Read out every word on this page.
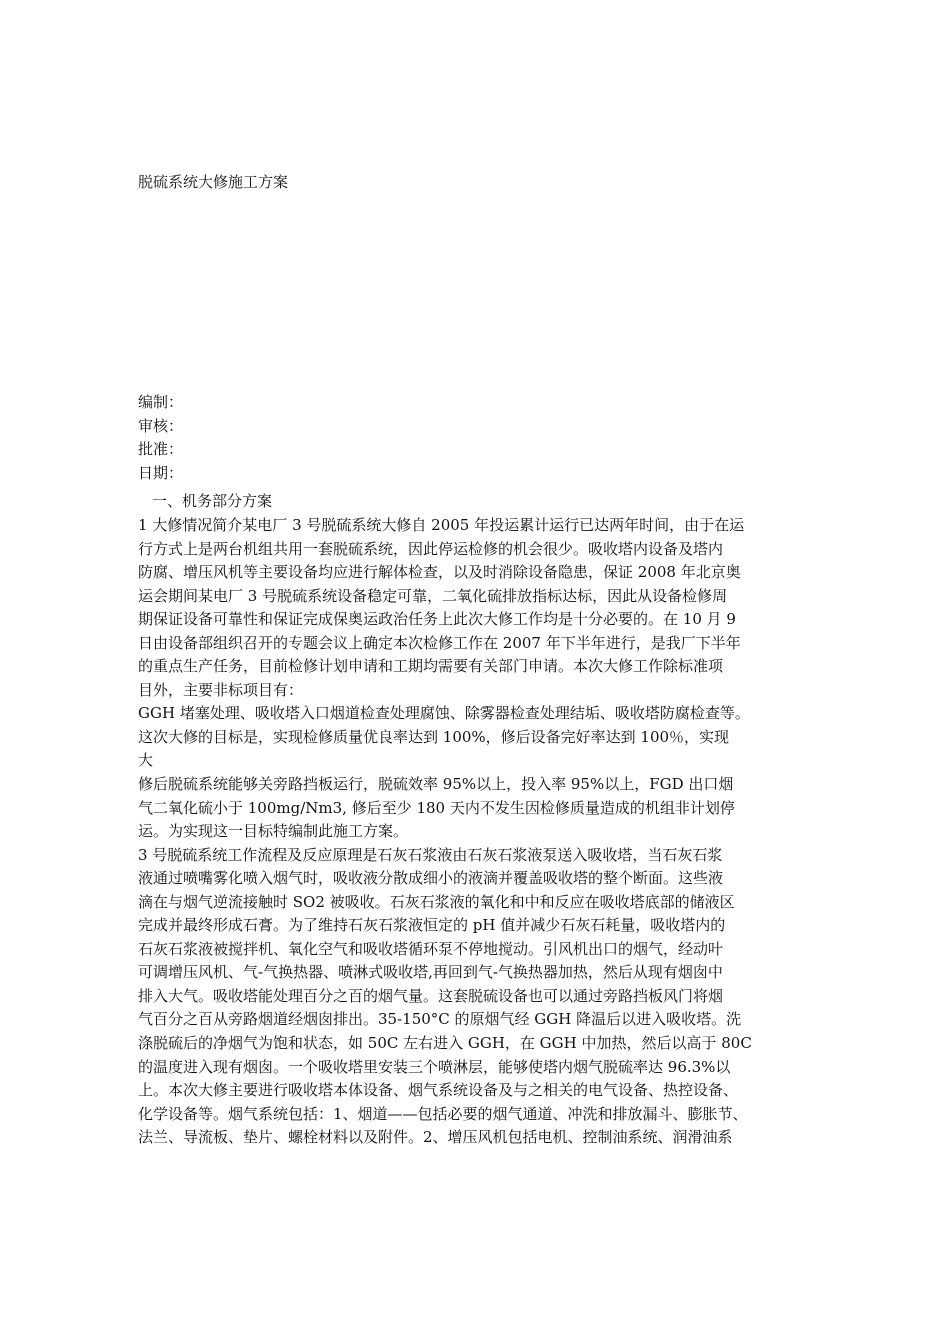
脱硫系统大修施工方案
编制：
审核：
批准：
日期：
一、机务部分方案
1 大修情况简介某电厂 3 号脱硫系统大修自 2005 年投运累计运行已达两年时间，由于在运
行方式上是两台机组共用一套脱硫系统，因此停运检修的机会很少。吸收塔内设备及塔内
防腐、增压风机等主要设备均应进行解体检查，以及时消除设备隐患，保证 2008 年北京奥
运会期间某电厂 3 号脱硫系统设备稳定可靠，二氧化硫排放指标达标，因此从设备检修周
期保证设备可靠性和保证完成保奥运政治任务上此次大修工作均是十分必要的。在 10 月 9
日由设备部组织召开的专题会议上确定本次检修工作在 2007 年下半年进行，是我厂下半年
的重点生产任务，目前检修计划申请和工期均需要有关部门申请。本次大修工作除标准项
目外，主要非标项目有：
GGH 堵塞处理、吸收塔入口烟道检查处理腐蚀、除雾器检查处理结垢、吸收塔防腐检查等。
这次大修的目标是，实现检修质量优良率达到 100%，修后设备完好率达到 100％，实现
大
修后脱硫系统能够关旁路挡板运行，脱硫效率 95%以上，投入率 95%以上，FGD 出口烟
气二氧化硫小于 100mg/Nm3, 修后至少 180 天内不发生因检修质量造成的机组非计划停
运。为实现这一目标特编制此施工方案。
3 号脱硫系统工作流程及反应原理是石灰石浆液由石灰石浆液泵送入吸收塔，当石灰石浆
液通过喷嘴雾化喷入烟气时，吸收液分散成细小的液滴并覆盖吸收塔的整个断面。这些液
滴在与烟气逆流接触时 SO2 被吸收。石灰石浆液的氧化和中和反应在吸收塔底部的储液区
完成并最终形成石膏。为了维持石灰石浆液恒定的 pH 值并减少石灰石耗量，吸收塔内的
石灰石浆液被搅拌机、氧化空气和吸收塔循环泵不停地搅动。引风机出口的烟气，经动叶
可调增压风机、气-气换热器、喷淋式吸收塔,再回到气-气换热器加热，然后从现有烟囱中
排入大气。吸收塔能处理百分之百的烟气量。这套脱硫设备也可以通过旁路挡板风门将烟
气百分之百从旁路烟道经烟囱排出。35-150°C 的原烟气经 GGH 降温后以进入吸收塔。洗
涤脱硫后的净烟气为饱和状态，如 50C 左右进入 GGH，在 GGH 中加热，然后以高于 80C
的温度进入现有烟囱。一个吸收塔里安装三个喷淋层，能够使塔内烟气脱硫率达 96.3%以
上。本次大修主要进行吸收塔本体设备、烟气系统设备及与之相关的电气设备、热控设备、
化学设备等。烟气系统包括：1、烟道——包括必要的烟气通道、冲洗和排放漏斗、膨胀节、
法兰、导流板、垫片、螺栓材料以及附件。2、增压风机包括电机、控制油系统、润滑油系
